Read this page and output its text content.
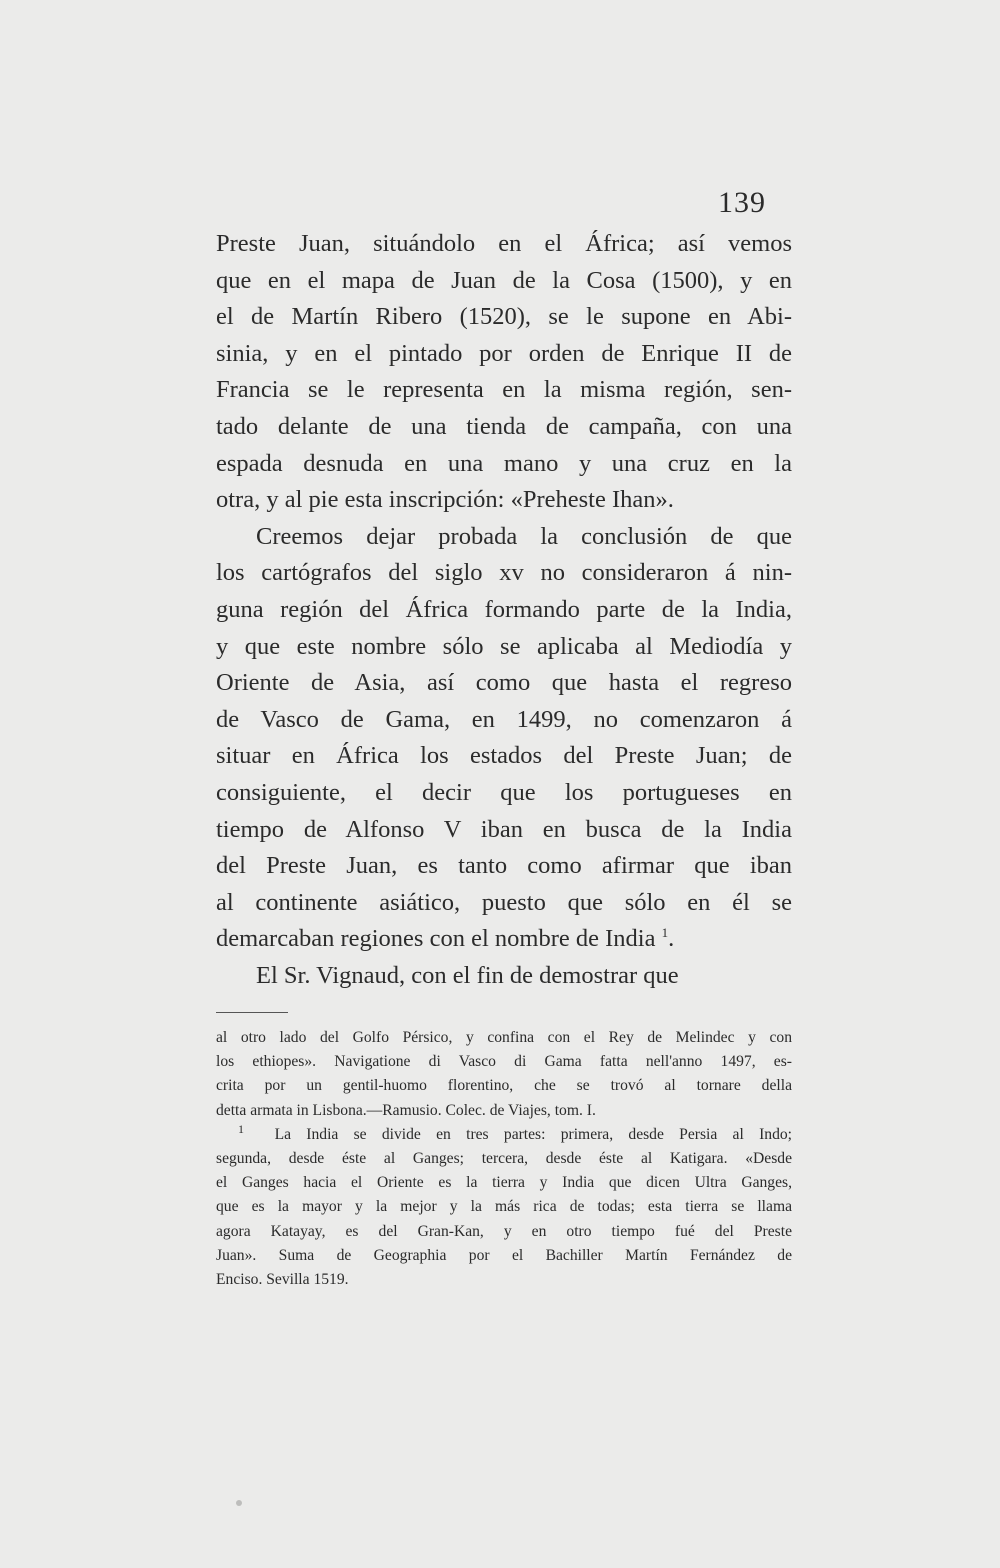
139
Preste Juan, situándolo en el África; así vemos
que en el mapa de Juan de la Cosa (1500), y en
el de Martín Ribero (1520), se le supone en Abi-
sinia, y en el pintado por orden de Enrique II de
Francia se le representa en la misma región, sen-
tado delante de una tienda de campaña, con una
espada desnuda en una mano y una cruz en la
otra, y al pie esta inscripción: «Preheste Ihan».
Creemos dejar probada la conclusión de que
los cartógrafos del siglo xv no consideraron á nin-
guna región del África formando parte de la India,
y que este nombre sólo se aplicaba al Mediodía y
Oriente de Asia, así como que hasta el regreso
de Vasco de Gama, en 1499, no comenzaron á
situar en África los estados del Preste Juan; de
consiguiente, el decir que los portugueses en
tiempo de Alfonso V iban en busca de la India
del Preste Juan, es tanto como afirmar que iban
al continente asiático, puesto que sólo en él se
demarcaban regiones con el nombre de India $^1$.
El Sr. Vignaud, con el fin de demostrar que
al otro lado del Golfo Pérsico, y confina con el Rey de Melindec y con
los ethiopes». Navigatione di Vasco di Gama fatta nell'anno 1497, es-
crita por un gentil-huomo florentino, che se trovó al tornare della
detta armata in Lisbona.—Ramusio. Colec. de Viajes, tom. I.
$^1$ La India se divide en tres partes: primera, desde Persia al Indo;
segunda, desde éste al Ganges; tercera, desde éste al Katigara. «Desde
el Ganges hacia el Oriente es la tierra y India que dicen Ultra Ganges,
que es la mayor y la mejor y la más rica de todas; esta tierra se llama
agora Katayay, es del Gran-Kan, y en otro tiempo fué del Preste
Juan». Suma de Geographia por el Bachiller Martín Fernández de
Enciso. Sevilla 1519.
